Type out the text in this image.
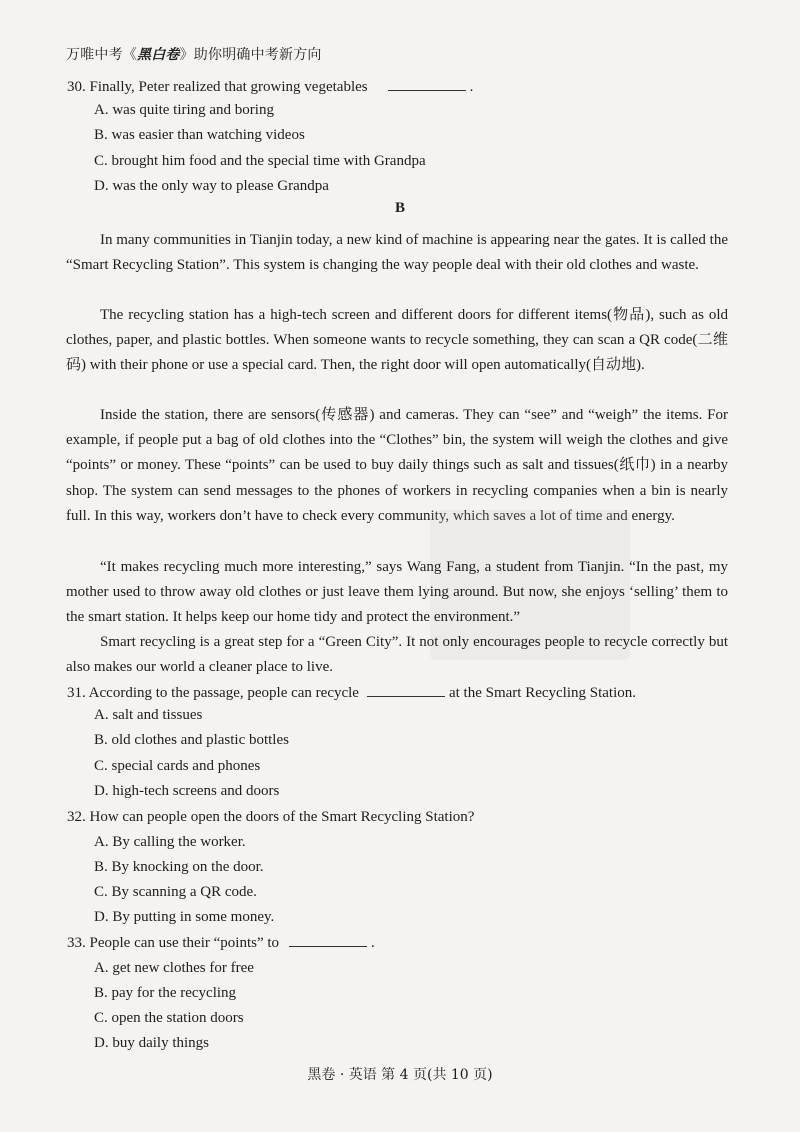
万唯中考《黑白卷》助你明确中考新方向
30. Finally, Peter realized that growing vegetables	.
A. was quite tiring and boring
B. was easier than watching videos
C. brought him food and the special time with Grandpa
D. was the only way to please Grandpa
B

In many communities in Tianjin today, a new kind of machine is appearing near the gates. It is called the “Smart Recycling Station”. This system is changing the way people deal with their old clothes and waste.

The recycling station has a high-tech screen and different doors for different items(物品), such as old clothes, paper, and plastic bottles. When someone wants to recycle something, they can scan a QR code(二维码) with their phone or use a special card. Then, the right door will open automatically(自动地).

Inside the station, there are sensors(传感器) and cameras. They can “see” and “weigh” the items. For example, if people put a bag of old clothes into the “Clothes” bin, the system will weigh the clothes and give “points” or money. These “points” can be used to buy daily things such as salt and tissues(纸巾) in a nearby shop. The system can send messages to the phones of workers in recycling companies when a bin is nearly full. In this way, workers don’t have to check every community, which saves a lot of time and energy.

“It makes recycling much more interesting,” says Wang Fang, a student from Tianjin. “In the past, my mother used to throw away old clothes or just leave them lying around. But now, she enjoys ‘selling’ them to the smart station. It helps keep our home tidy and protect the environment.”

Smart recycling is a great step for a “Green City”. It not only encourages people to recycle correctly but also makes our world a cleaner place to live.

31. According to the passage, people can recycle	at the Smart Recycling Station.
A. salt and tissues
B. old clothes and plastic bottles
C. special cards and phones
D. high-tech screens and doors
32. How can people open the doors of the Smart Recycling Station?
A. By calling the worker.
B. By knocking on the door.
C. By scanning a QR code.
D. By putting in some money.
33. People can use their “points” to	.
A. get new clothes for free
B. pay for the recycling
C. open the station doors
D. buy daily things
黑卷 · 英语 第 4 页(共 10 页)
